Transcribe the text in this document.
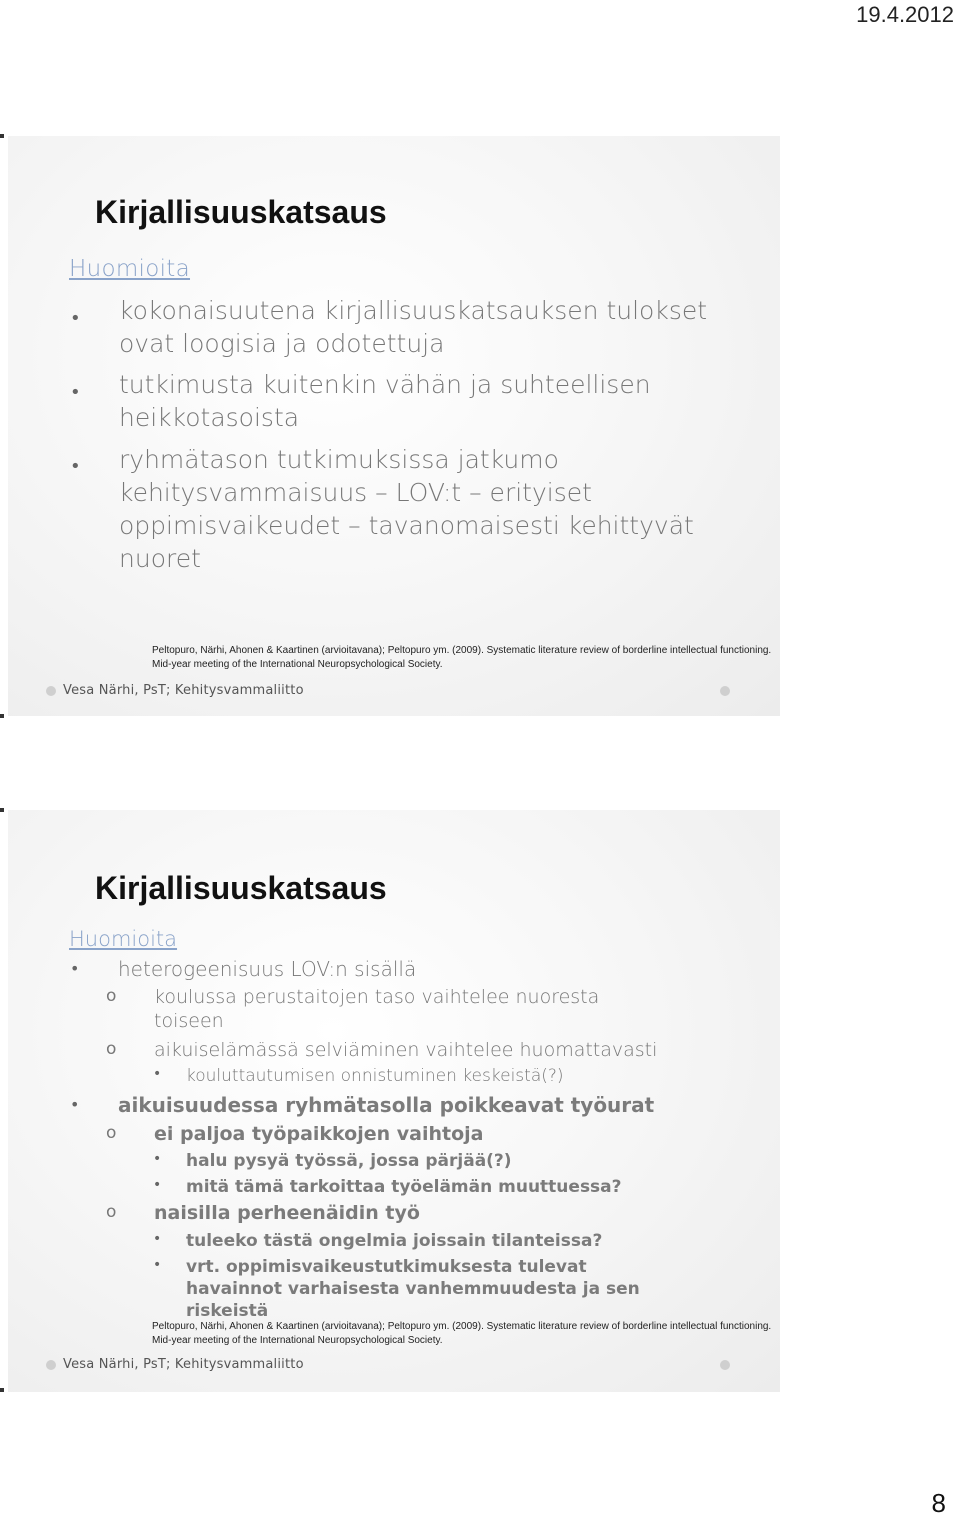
19.4.2012
Kirjallisuuskatsaus
Huomioita
• kokonaisuutena kirjallisuuskatsauksen tulokset ovat loogisia ja odotettuja
• tutkimusta kuitenkin vähän ja suhteellisen heikkotasoista
• ryhmätason tutkimuksissa jatkumo kehitysvammaisuus – LOV:t – erityiset oppimisvaikeudet – tavanomaisesti kehittyvät nuoret
Peltopuro, Närhi, Ahonen & Kaartinen (arvioitavana); Peltopuro ym. (2009). Systematic literature review of borderline intellectual functioning. Mid-year meeting of the International Neuropsychological Society.
Vesa Närhi, PsT; Kehitysvammaliitto
Kirjallisuuskatsaus
Huomioita
• heterogeenisuus LOV:n sisällä
o koulussa perustaitojen taso vaihtelee nuoresta toiseen
o aikuiselämässä selviäminen vaihtelee huomattavasti
• kouluttautumisen onnistuminen keskeistä(?)
• aikuisuudessa ryhmätasolla poikkeavat työurat
o ei paljoa työpaikkojen vaihtoja
• halu pysyä työssä, jossa pärjää(?)
• mitä tämä tarkoittaa työelämän muuttuessa?
o naisilla perheenäidin työ
• tuleeko tästä ongelmia joissain tilanteissa?
• vrt. oppimisvaikeustutkimuksesta tulevat havainnot varhaisesta vanhemmuudesta ja sen riskeistä
Peltopuro, Närhi, Ahonen & Kaartinen (arvioitavana); Peltopuro ym. (2009). Systematic literature review of borderline intellectual functioning. Mid-year meeting of the International Neuropsychological Society.
Vesa Närhi, PsT; Kehitysvammaliitto
8
